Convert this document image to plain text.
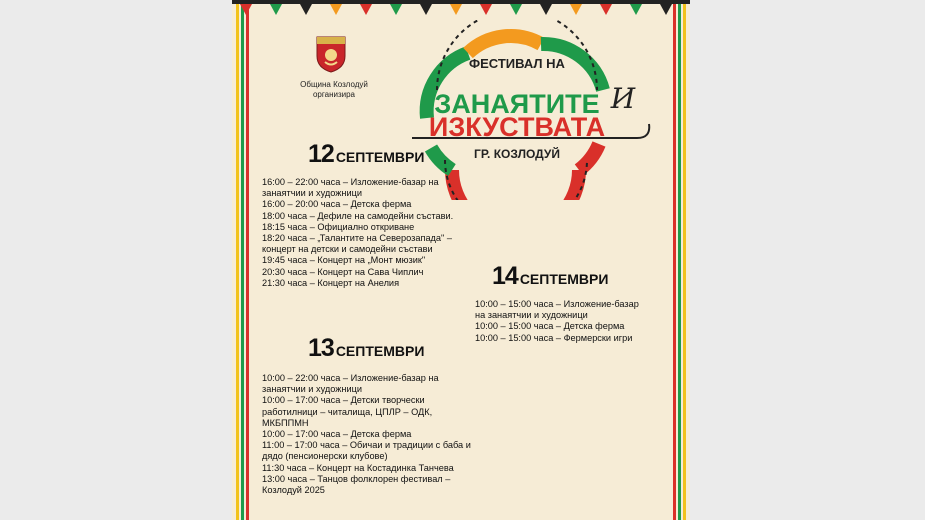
Община Козлодуй
организира
ФЕСТИВАЛ НА
ЗАНАЯТИТЕ И
ИЗКУСТВАТА
ГР. КОЗЛОДУЙ
12 СЕПТЕМВРИ
16:00 – 22:00 часа – Изложение-базар на
занаятчии и художници
16:00 – 20:00 часа – Детска ферма
18:00 часа – Дефиле на самодейни състави.
18:15 часа – Официално откриване
18:20 часа – „Талантите на Северозапада" –
концерт на детски и самодейни състави
19:45 часа – Концерт на „Монт мюзик"
20:30 часа – Концерт на Сава Чиплич
21:30 часа – Концерт на Анелия
13 СЕПТЕМВРИ
10:00 – 22:00 часа – Изложение-базар на
занаятчии и художници
10:00 – 17:00 часа – Детски творчески
работилници – читалища, ЦПЛР – ОДК,
МКБППМН
10:00 – 17:00 часа – Детска ферма
11:00 – 17:00 часа – Обичаи и традиции с баба и
дядо (пенсионерски клубове)
11:30 часа – Концерт на Костадинка Танчева
13:00 часа – Танцов фолклорен фестивал –
Козлодуй 2025
14 СЕПТЕМВРИ
10:00 – 15:00 часа – Изложение-базар
на занаятчии и художници
10:00 – 15:00 часа – Детска ферма
10:00 – 15:00 часа – Фермерски игри
